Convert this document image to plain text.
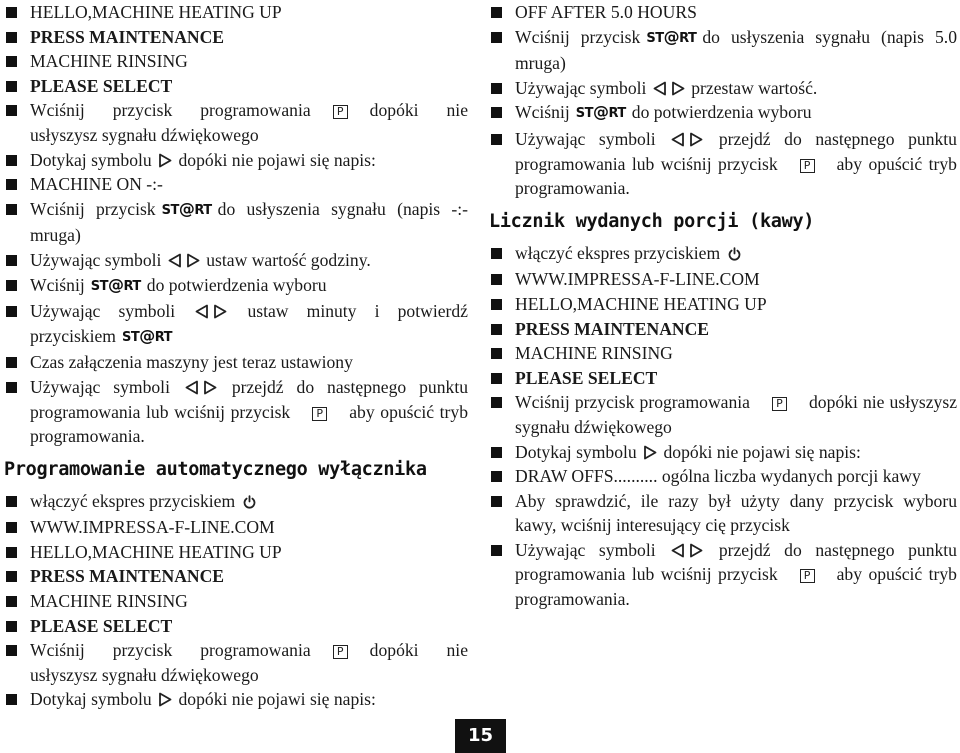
HELLO,MACHINE HEATING UP
PRESS MAINTENANCE
MACHINE RINSING
PLEASE SELECT
Wciśnij przycisk programowania P dopóki nie usłyszysz sygnału dźwiękowego
Dotykaj symbolu dopóki nie pojawi się napis:
MACHINE ON -:-
Wciśnij przycisk ST@RT do usłyszenia sygnału (napis -:- mruga)
Używając symboli	ustaw wartość godziny.
Wciśnij ST@RT do potwierdzenia wyboru
Używając symboli	ustaw minuty i potwierdź przyciskiem ST@RT
Czas załączenia maszyny jest teraz ustawiony
Używając symboli	przejdź do następnego punktu programowania lub wciśnij przycisk P aby opuścić tryb programowania.
Programowanie automatycznego wyłącznika
włączyć ekspres przyciskiem
WWW.IMPRESSA-F-LINE.COM
HELLO,MACHINE HEATING UP
PRESS MAINTENANCE
MACHINE RINSING
PLEASE SELECT
Wciśnij przycisk programowania P dopóki nie usłyszysz sygnału dźwiękowego
Dotykaj symbolu dopóki nie pojawi się napis:
OFF AFTER 5.0 HOURS
Wciśnij przycisk ST@RT do usłyszenia sygnału (napis 5.0 mruga)
Używając symboli	przestaw wartość.
Wciśnij ST@RT do potwierdzenia wyboru
Używając symboli	przejdź do następnego punktu programowania lub wciśnij przycisk P aby opuścić tryb programowania.
Licznik wydanych porcji (kawy)
włączyć ekspres przyciskiem
WWW.IMPRESSA-F-LINE.COM
HELLO,MACHINE HEATING UP
PRESS MAINTENANCE
MACHINE RINSING
PLEASE SELECT
Wciśnij przycisk programowania P dopóki nie usłyszysz sygnału dźwiękowego
Dotykaj symbolu dopóki nie pojawi się napis:
DRAW OFFS.......... ogólna liczba wydanych porcji kawy
Aby sprawdzić, ile razy był użyty dany przycisk wyboru kawy, wciśnij interesujący cię przycisk
Używając symboli	przejdź do następnego punktu programowania lub wciśnij przycisk P aby opuścić tryb programowania.
15
